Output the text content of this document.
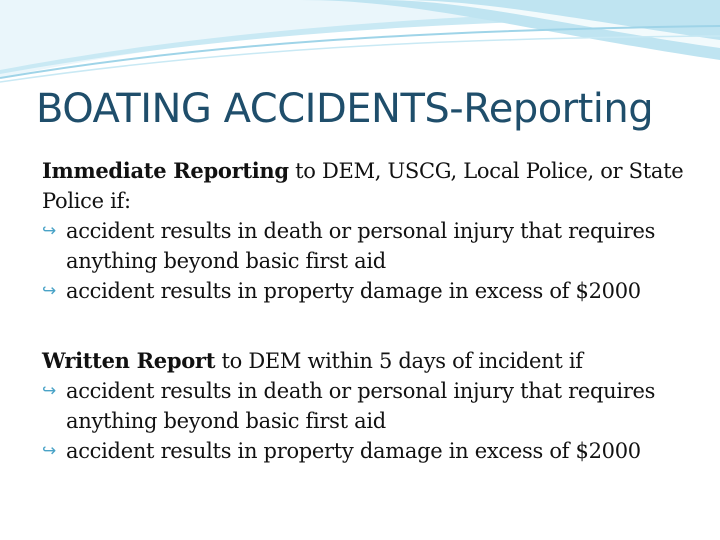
BOATING ACCIDENTS-Reporting

Immediate Reporting to DEM, USCG, Local Police, or State Police if:

↪ accident results in death or personal injury that requires anything beyond basic first aid

↪ accident results in property damage in excess of $2000

Written Report to DEM within 5 days of incident if

↪ accident results in death or personal injury that requires anything beyond basic first aid

↪ accident results in property damage in excess of $2000
